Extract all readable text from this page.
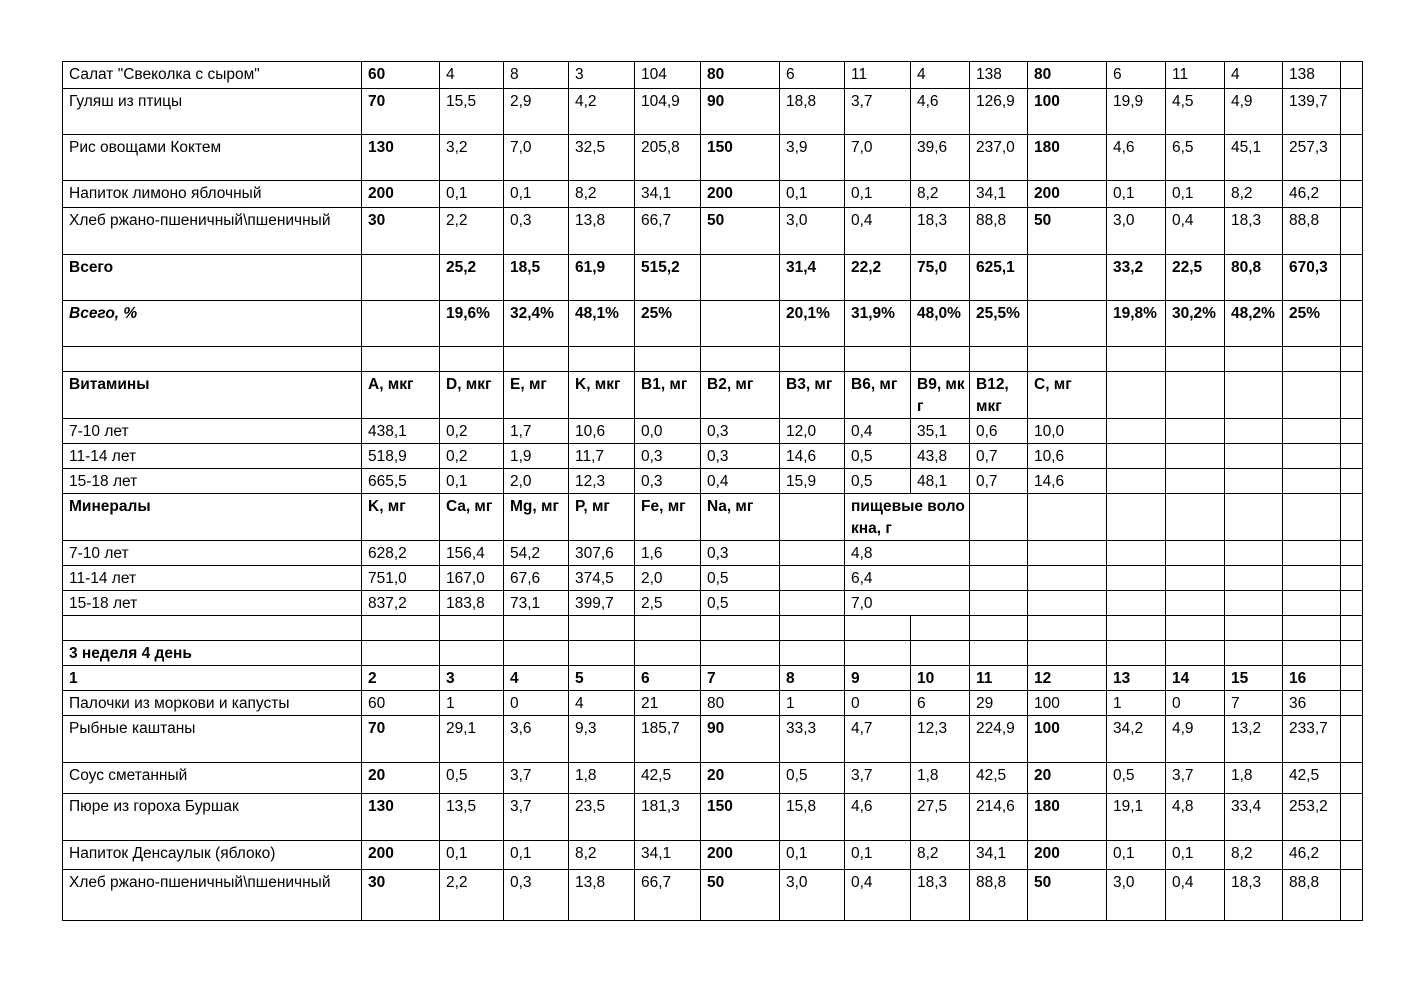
Салат "Свеколка с сыром"	60	4	8	3	104	80	6	11	4	138	80	6	11	4	138	
Гуляш из птицы	70	15,5	2,9	4,2	104,9	90	18,8	3,7	4,6	126,9	100	19,9	4,5	4,9	139,7	
Рис овощами Коктем	130	3,2	7,0	32,5	205,8	150	3,9	7,0	39,6	237,0	180	4,6	6,5	45,1	257,3	
Напиток лимоно яблочный	200	0,1	0,1	8,2	34,1	200	0,1	0,1	8,2	34,1	200	0,1	0,1	8,2	46,2	
Хлеб ржано-пшеничный\пшеничный	30	2,2	0,3	13,8	66,7	50	3,0	0,4	18,3	88,8	50	3,0	0,4	18,3	88,8	
Всего		25,2	18,5	61,9	515,2		31,4	22,2	75,0	625,1		33,2	22,5	80,8	670,3	
Всего, %		19,6%	32,4%	48,1%	25%		20,1%	31,9%	48,0%	25,5%		19,8%	30,2%	48,2%	25%	

Витамины	A, мкг	D, мкг	E, мг	K, мкг	B1, мг	B2, мг	B3, мг	B6, мг	B9, мкг	B12, мкг	C, мг					
7-10 лет	438,1	0,2	1,7	10,6	0,0	0,3	12,0	0,4	35,1	0,6	10,0					
11-14 лет	518,9	0,2	1,9	11,7	0,3	0,3	14,6	0,5	43,8	0,7	10,6					
15-18 лет	665,5	0,1	2,0	12,3	0,3	0,4	15,9	0,5	48,1	0,7	14,6					
Минералы	K, мг	Ca, мг	Mg, мг	P, мг	Fe, мг	Na, мг		пищевые волокна, г								
7-10 лет	628,2	156,4	54,2	307,6	1,6	0,3		4,8								
11-14 лет	751,0	167,0	67,6	374,5	2,0	0,5		6,4								
15-18 лет	837,2	183,8	73,1	399,7	2,5	0,5		7,0								

3 неделя 4 день																
1	2	3	4	5	6	7	8	9	10	11	12	13	14	15	16	
Палочки из моркови и капусты	60	1	0	4	21	80	1	0	6	29	100	1	0	7	36	
Рыбные каштаны	70	29,1	3,6	9,3	185,7	90	33,3	4,7	12,3	224,9	100	34,2	4,9	13,2	233,7	
Соус сметанный	20	0,5	3,7	1,8	42,5	20	0,5	3,7	1,8	42,5	20	0,5	3,7	1,8	42,5	
Пюре из гороха Буршак	130	13,5	3,7	23,5	181,3	150	15,8	4,6	27,5	214,6	180	19,1	4,8	33,4	253,2	
Напиток Денсаулык (яблоко)	200	0,1	0,1	8,2	34,1	200	0,1	0,1	8,2	34,1	200	0,1	0,1	8,2	46,2	
Хлеб ржано-пшеничный\пшеничный	30	2,2	0,3	13,8	66,7	50	3,0	0,4	18,3	88,8	50	3,0	0,4	18,3	88,8	
